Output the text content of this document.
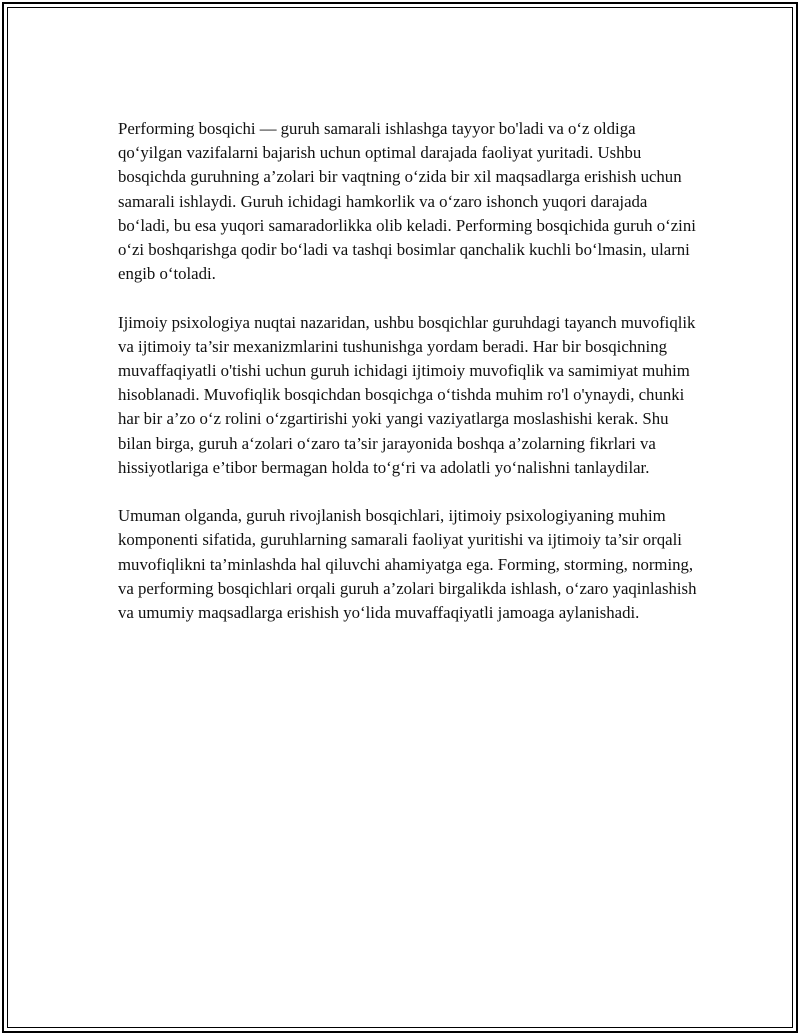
Performing bosqichi — guruh samarali ishlashga tayyor bo'ladi va o‘z oldiga qo‘yilgan vazifalarni bajarish uchun optimal darajada faoliyat yuritadi. Ushbu bosqichda guruhning a’zolari bir vaqtning o‘zida bir xil maqsadlarga erishish uchun samarali ishlaydi. Guruh ichidagi hamkorlik va o‘zaro ishonch yuqori darajada bo‘ladi, bu esa yuqori samaradorlikka olib keladi. Performing bosqichida guruh o‘zini o‘zi boshqarishga qodir bo‘ladi va tashqi bosimlar qanchalik kuchli bo‘lmasin, ularni engib o‘toladi.

Ijimoiy psixologiya nuqtai nazaridan, ushbu bosqichlar guruhdagi tayanch muvofiqlik va ijtimoiy ta’sir mexanizmlarini tushunishga yordam beradi. Har bir bosqichning muvaffaqiyatli o'tishi uchun guruh ichidagi ijtimoiy muvofiqlik va samimiyat muhim hisoblanadi. Muvofiqlik bosqichdan bosqichga o‘tishda muhim ro'l o'ynaydi, chunki har bir a’zo o‘z rolini o‘zgartirishi yoki yangi vaziyatlarga moslashishi kerak. Shu bilan birga, guruh a‘zolari o‘zaro ta’sir jarayonida boshqa a’zolarning fikrlari va hissiyotlariga e’tibor bermagan holda to‘g‘ri va adolatli yo‘nalishni tanlaydilar.

Umuman olganda, guruh rivojlanish bosqichlari, ijtimoiy psixologiyaning muhim komponenti sifatida, guruhlarning samarali faoliyat yuritishi va ijtimoiy ta’sir orqali muvofiqlikni ta’minlashda hal qiluvchi ahamiyatga ega. Forming, storming, norming, va performing bosqichlari orqali guruh a’zolari birgalikda ishlash, o‘zaro yaqinlashish va umumiy maqsadlarga erishish yo‘lida muvaffaqiyatli jamoaga aylanishadi.
